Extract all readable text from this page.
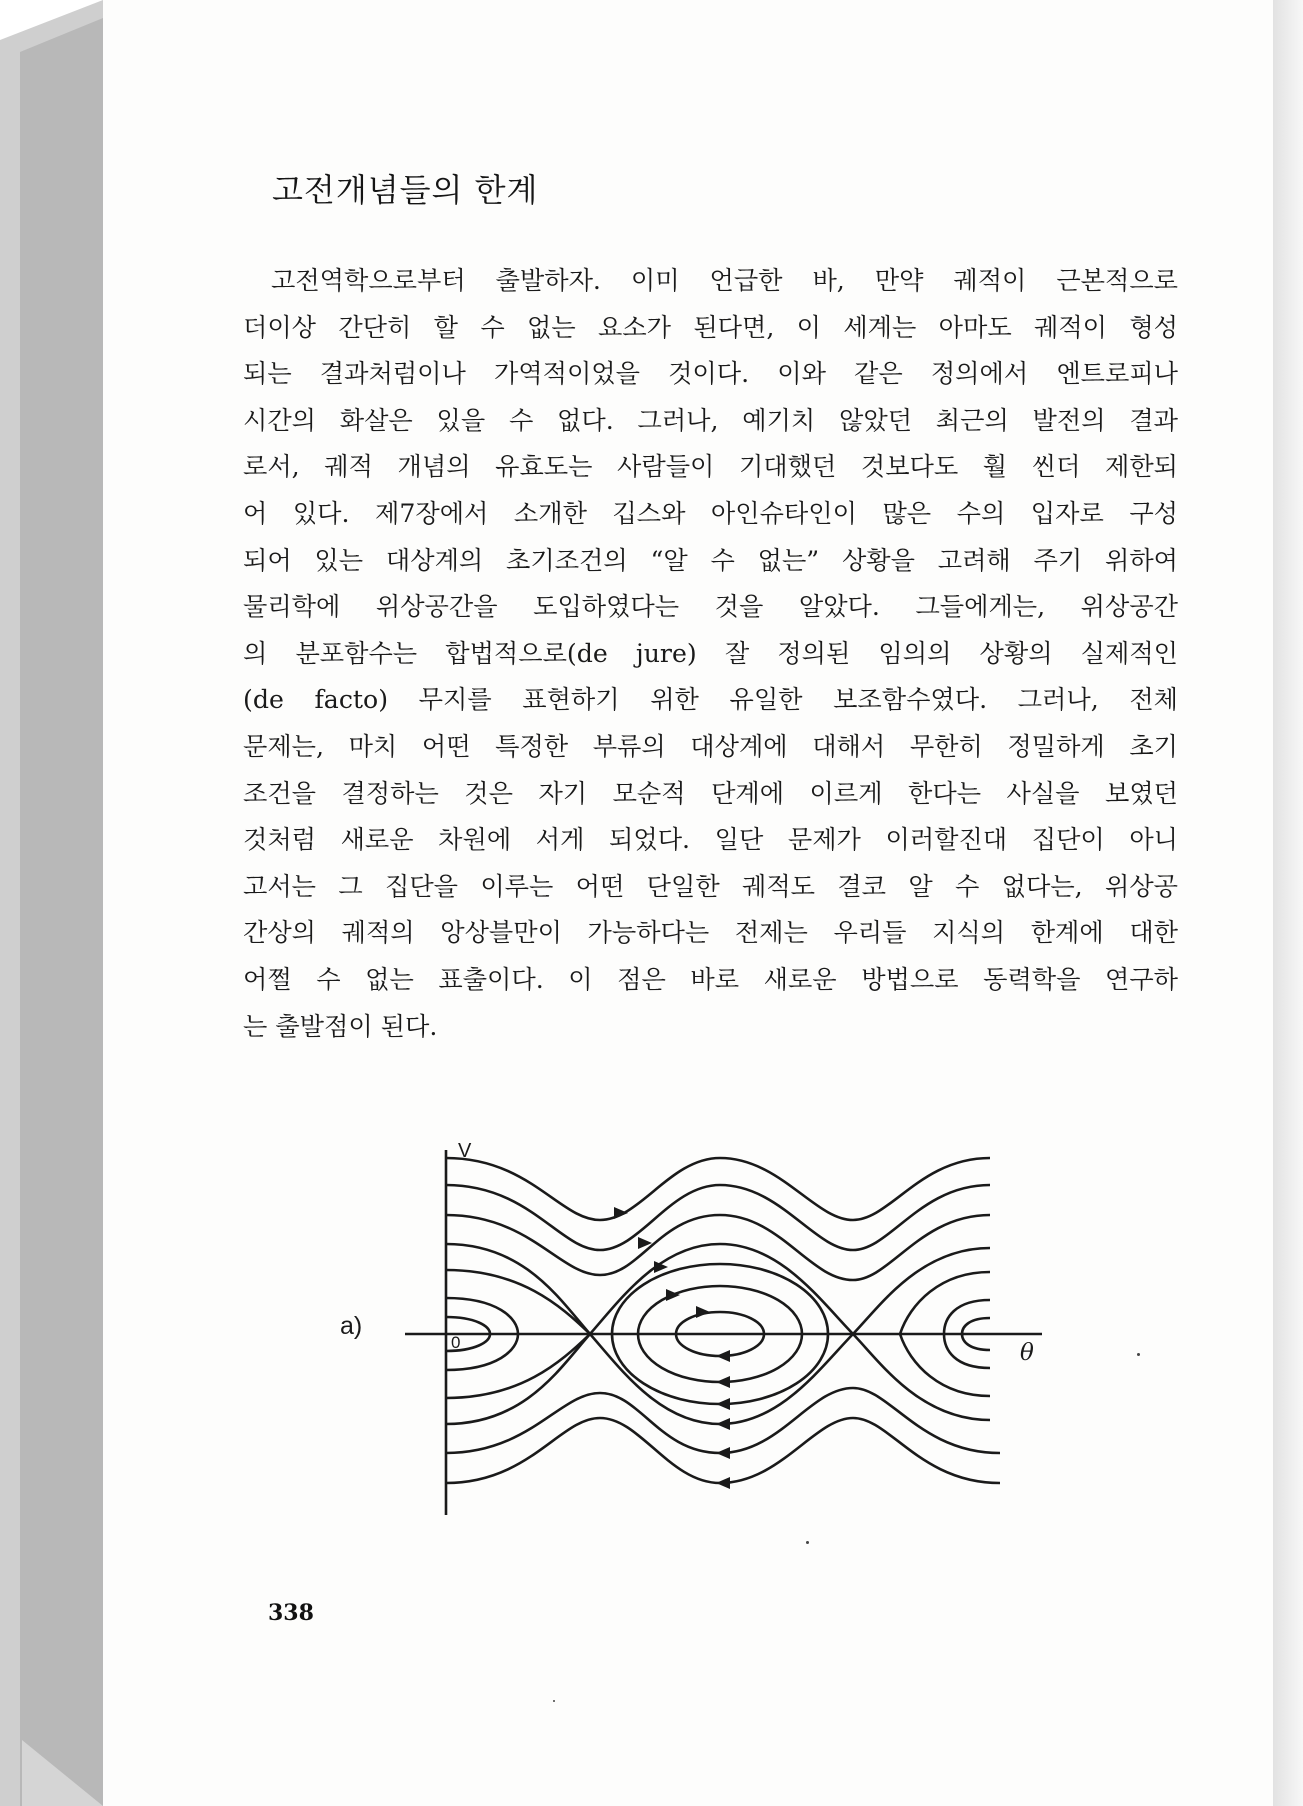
고전개념들의 한계
고전역학으로부터 출발하자. 이미 언급한 바, 만약 궤적이 근본적으로
더이상 간단히 할 수 없는 요소가 된다면, 이 세계는 아마도 궤적이 형성
되는 결과처럼이나 가역적이었을 것이다. 이와 같은 정의에서 엔트로피나
시간의 화살은 있을 수 없다. 그러나, 예기치 않았던 최근의 발전의 결과
로서, 궤적 개념의 유효도는 사람들이 기대했던 것보다도 훨 씬더 제한되
어 있다. 제7장에서 소개한 깁스와 아인슈타인이 많은 수의 입자로 구성
되어 있는 대상계의 초기조건의 “알 수 없는” 상황을 고려해 주기 위하여
물리학에 위상공간을 도입하였다는 것을 알았다. 그들에게는, 위상공간
의 분포함수는 합법적으로(de jure) 잘 정의된 임의의 상황의 실제적인
(de facto) 무지를 표현하기 위한 유일한 보조함수였다. 그러나, 전체
문제는, 마치 어떤 특정한 부류의 대상계에 대해서 무한히 정밀하게 초기
조건을 결정하는 것은 자기 모순적 단계에 이르게 한다는 사실을 보였던
것처럼 새로운 차원에 서게 되었다. 일단 문제가 이러할진대 집단이 아니
고서는 그 집단을 이루는 어떤 단일한 궤적도 결코 알 수 없다는, 위상공
간상의 궤적의 앙상블만이 가능하다는 전제는 우리들 지식의 한계에 대한
어쩔 수 없는 표출이다. 이 점은 바로 새로운 방법으로 동력학을 연구하
는 출발점이 된다.
a)
V
θ
0
338
